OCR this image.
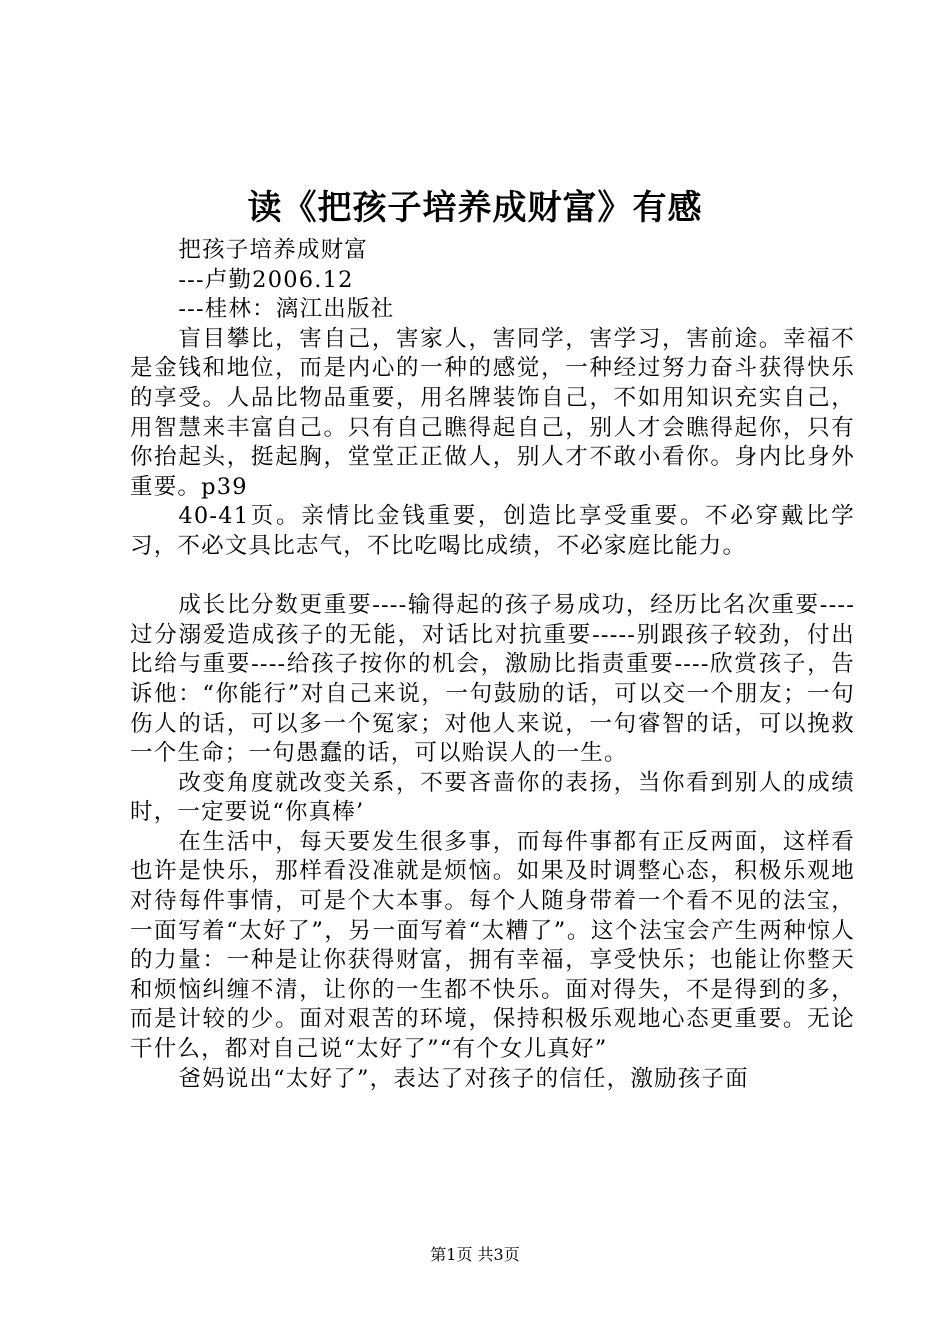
读《把孩子培养成财富》有感

把孩子培养成财富

---卢勤2006.12

---桂林：漓江出版社

盲目攀比，害自己，害家人，害同学，害学习，害前途。幸福不是金钱和地位，而是内心的一种的感觉，一种经过努力奋斗获得快乐的享受。人品比物品重要，用名牌装饰自己，不如用知识充实自己，用智慧来丰富自己。只有自己瞧得起自己，别人才会瞧得起你，只有你抬起头，挺起胸，堂堂正正做人，别人才不敢小看你。身内比身外重要。p39

40-41页。亲情比金钱重要，创造比享受重要。不必穿戴比学习，不必文具比志气，不比吃喝比成绩，不必家庭比能力。

成长比分数更重要----输得起的孩子易成功，经历比名次重要----过分溺爱造成孩子的无能，对话比对抗重要-----别跟孩子较劲，付出比给与重要----给孩子按你的机会，激励比指责重要----欣赏孩子，告诉他：“你能行”对自己来说，一句鼓励的话，可以交一个朋友；一句伤人的话，可以多一个冤家；对他人来说，一句睿智的话，可以挽救一个生命；一句愚蠢的话，可以贻误人的一生。

改变角度就改变关系，不要吝啬你的表扬，当你看到别人的成绩时，一定要说“你真棒’

在生活中，每天要发生很多事，而每件事都有正反两面，这样看也许是快乐，那样看没准就是烦恼。如果及时调整心态，积极乐观地对待每件事情，可是个大本事。每个人随身带着一个看不见的法宝，一面写着“太好了”，另一面写着“太糟了”。这个法宝会产生两种惊人的力量：一种是让你获得财富，拥有幸福，享受快乐；也能让你整天和烦恼纠缠不清，让你的一生都不快乐。面对得失，不是得到的多，而是计较的少。面对艰苦的环境，保持积极乐观地心态更重要。无论干什么，都对自己说“太好了”“有个女儿真好”

爸妈说出“太好了”，表达了对孩子的信任，激励孩子面

第1页 共3页
